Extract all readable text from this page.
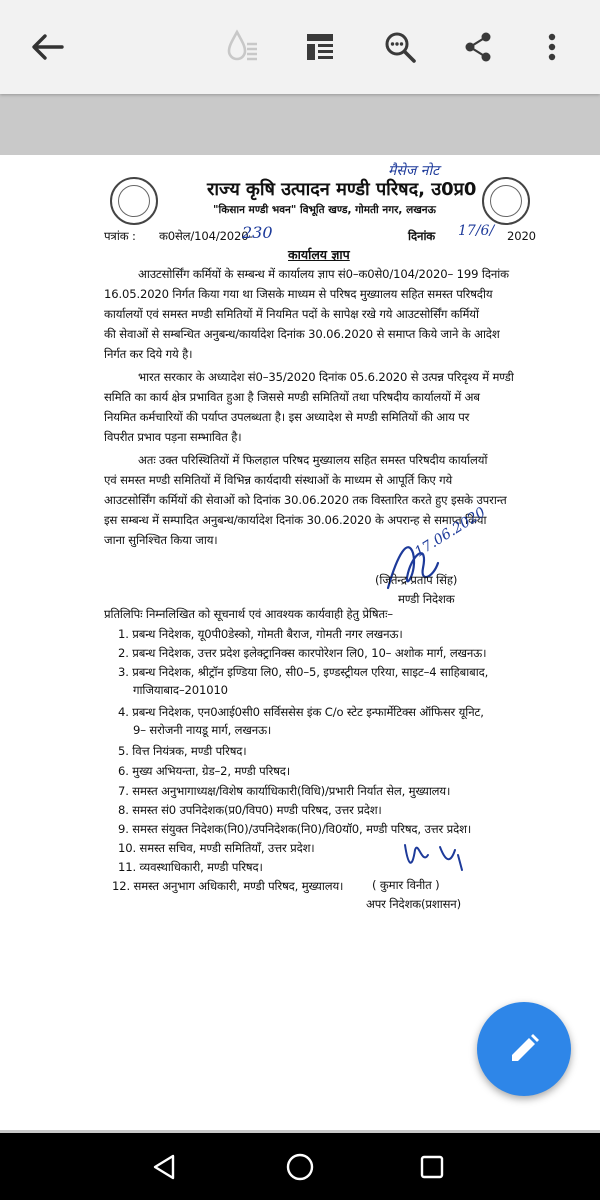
राज्य कृषि उत्पादन मण्डी परिषद, उ0प्र0
"किसान मण्डी भवन" विभूति खण्ड, गोमती नगर, लखनऊ
मैसेज नोट
पत्रांक : क0सेल/104/2020-
230	दिनांक 17/6/ 2020
कार्यालय ज्ञाप
आउटसोर्सिंग कर्मियों के सम्बन्ध में कार्यालय ज्ञाप सं0–क0से0/104/2020– 199 दिनांक
16.05.2020 निर्गत किया गया था जिसके माध्यम से परिषद मुख्यालय सहित समस्त परिषदीय
कार्यालयों एवं समस्त मण्डी समितियों में नियमित पदों के सापेक्ष रखे गये आउटसोर्सिंग कर्मियों
की सेवाओं से सम्बन्धित अनुबन्ध/कार्यादेश दिनांक 30.06.2020 से समाप्त किये जाने के आदेश
निर्गत कर दिये गये है।
भारत सरकार के अध्यादेश सं0–35/2020 दिनांक 05.6.2020 से उत्पन्न परिदृश्य में मण्डी
समिति का कार्य क्षेत्र प्रभावित हुआ है जिससे मण्डी समितियों तथा परिषदीय कार्यालयों में अब
नियमित कर्मचारियों की पर्याप्त उपलब्धता है। इस अध्यादेश से मण्डी समितियों की आय पर
विपरीत प्रभाव पड़ना सम्भावित है।
अतः उक्त परिस्थितियों में फिलहाल परिषद मुख्यालय सहित समस्त परिषदीय कार्यालयों
एवं समस्त मण्डी समितियों में विभिन्न कार्यदायी संस्थाओं के माध्यम से आपूर्ति किए गये
आउटसोर्सिंग कर्मियों की सेवाओं को दिनांक 30.06.2020 तक विस्तारित करते हुए इसके उपरान्त
इस सम्बन्ध में सम्पादित अनुबन्ध/कार्यादेश दिनांक 30.06.2020 के अपरान्ह से समाप्त किया
जाना सुनिश्चित किया जाय।	17.06.2020
(जितेन्द्र प्रताप सिंह)
मण्डी निदेशक
प्रतिलिपिः निम्नलिखित को सूचनार्थ एवं आवश्यक कार्यवाही हेतु प्रेषितः–
1. प्रबन्ध निदेशक, यू0पी0डेस्को, गोमती बैराज, गोमती नगर लखनऊ।
2. प्रबन्ध निदेशक, उत्तर प्रदेश इलेक्ट्रानिक्स कारपोरेशन लि0, 10– अशोक मार्ग, लखनऊ।
3. प्रबन्ध निदेशक, श्रीट्रॉन इण्डिया लि0, सी0–5, इण्डस्ट्रीयल एरिया, साइट–4 साहिबाबाद,
गाजियाबाद–201010
4. प्रबन्ध निदेशक, एन0आई0सी0 सर्विससेस इंक C/o स्टेट इन्फार्मेटिक्स ऑफिसर यूनिट,
9– सरोजनी नायडू मार्ग, लखनऊ।
5. वित्त नियंत्रक, मण्डी परिषद।
6. मुख्य अभियन्ता, ग्रेड–2, मण्डी परिषद।
7. समस्त अनुभागाध्यक्ष/विशेष कार्याधिकारी(विधि)/प्रभारी निर्यात सेल, मुख्यालय।
8. समस्त सं0 उपनिदेशक(प्र0/विप0) मण्डी परिषद, उत्तर प्रदेश।
9. समस्त संयुक्त निदेशक(नि0)/उपनिदेशक(नि0)/वि0यॉ0, मण्डी परिषद, उत्तर प्रदेश।
10. समस्त सचिव, मण्डी समितियॉं, उत्तर प्रदेश।
11. व्यवस्थाधिकारी, मण्डी परिषद।
12. समस्त अनुभाग अधिकारी, मण्डी परिषद, मुख्यालय। ( कुमार विनीत )
अपर निदेशक(प्रशासन)
